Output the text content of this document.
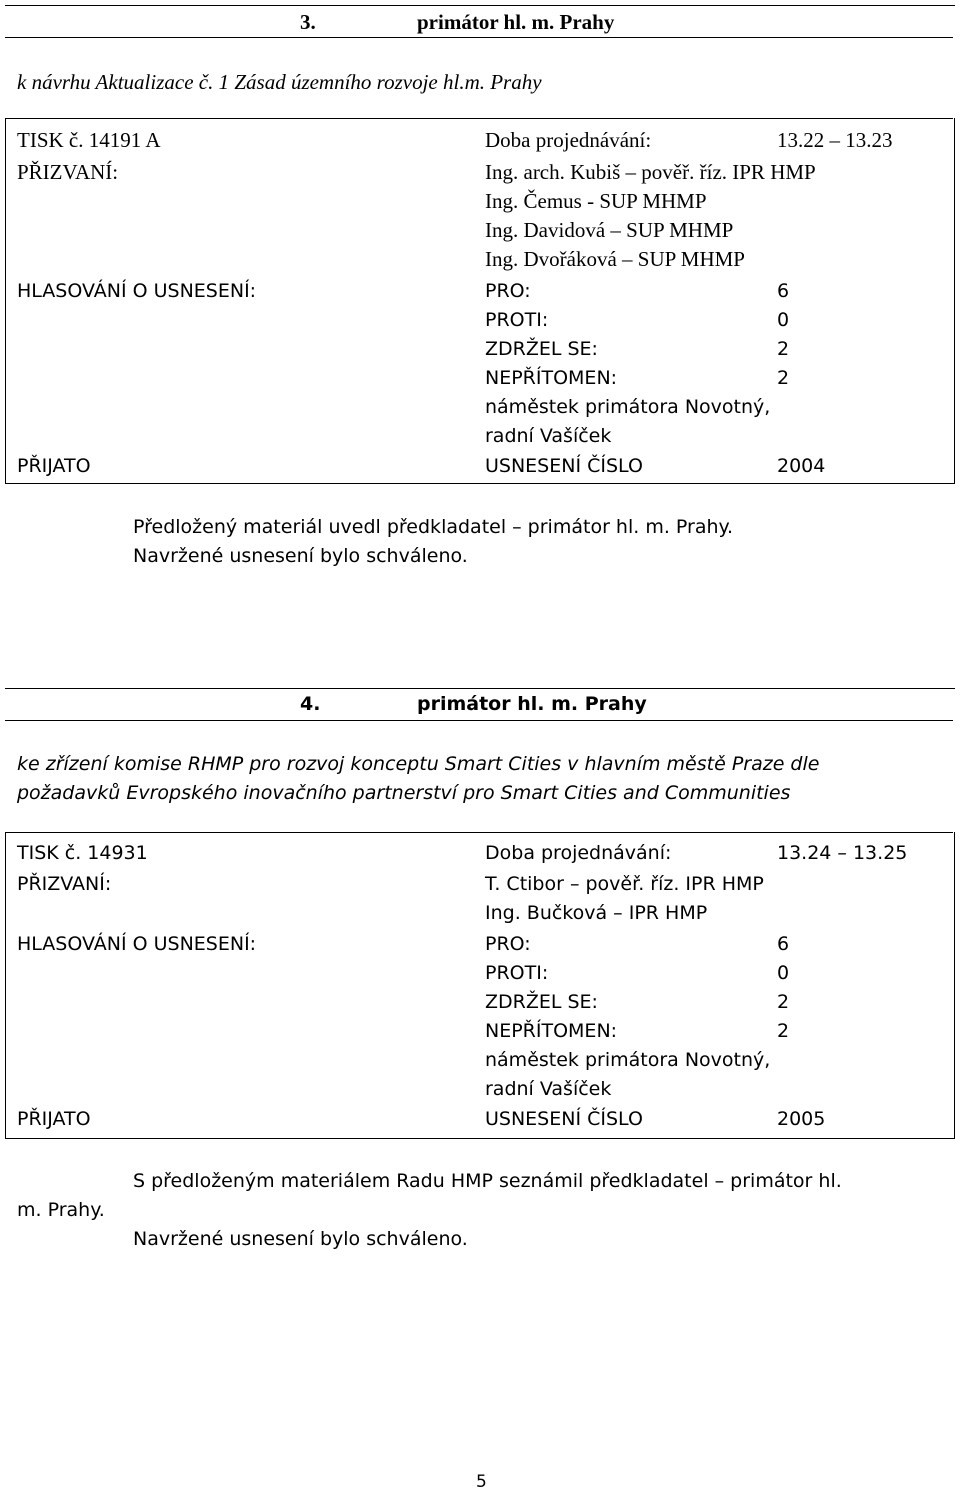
3.	primátor hl. m. Prahy
k návrhu Aktualizace č. 1 Zásad územního rozvoje hl.m. Prahy
TISK č. 14191 A	Doba projednávání:	13.22 – 13.23
PŘIZVANÍ:	Ing. arch. Kubiš – pověř. říz. IPR HMP
Ing. Čemus - SUP MHMP
Ing. Davidová – SUP MHMP
Ing. Dvořáková – SUP MHMP
HLASOVÁNÍ O USNESENÍ:	PRO:	6
PROTI:	0
ZDRŽEL SE:	2
NEPŘÍTOMEN:	2
náměstek primátora Novotný,
radní Vašíček
PŘIJATO	USNESENÍ ČÍSLO	2004
Předložený materiál uvedl předkladatel – primátor hl. m. Prahy.
Navržené usnesení bylo schváleno.
4.	primátor hl. m. Prahy
ke zřízení komise RHMP pro rozvoj konceptu Smart Cities v hlavním městě Praze dle
požadavků Evropského inovačního partnerství pro Smart Cities and Communities
TISK č. 14931	Doba projednávání:	13.24 – 13.25
PŘIZVANÍ:	T. Ctibor – pověř. říz. IPR HMP
Ing. Bučková – IPR HMP
HLASOVÁNÍ O USNESENÍ:	PRO:	6
PROTI:	0
ZDRŽEL SE:	2
NEPŘÍTOMEN:	2
náměstek primátora Novotný,
radní Vašíček
PŘIJATO	USNESENÍ ČÍSLO	2005
S předloženým materiálem Radu HMP seznámil předkladatel – primátor hl.
m. Prahy.
Navržené usnesení bylo schváleno.
5
